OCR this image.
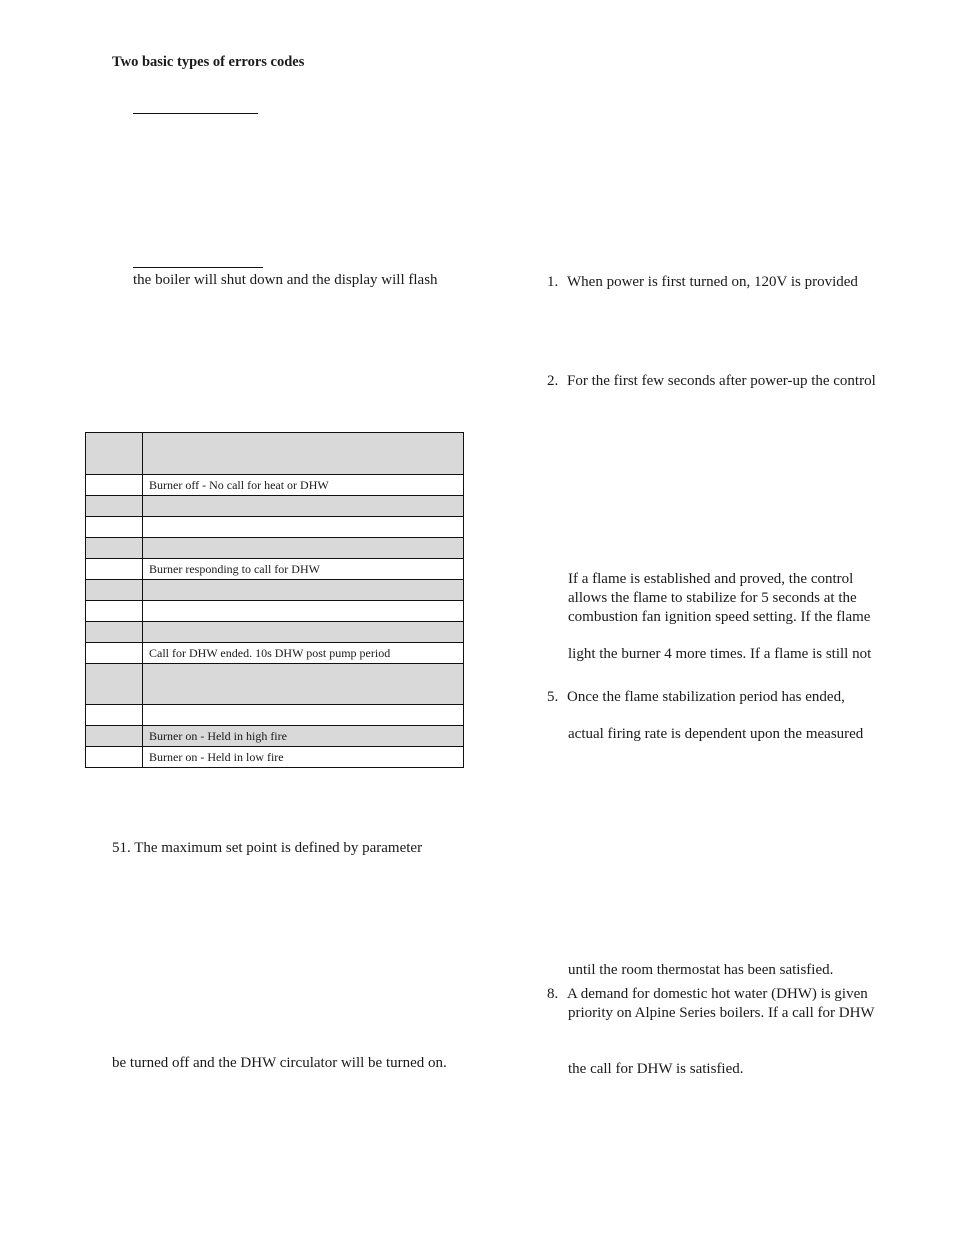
Two basic types of errors codes
the boiler will shut down and the display will flash
Burner off - No call for heat or DHW
Burner responding to call for DHW
Call for DHW ended. 10s DHW post pump period
Burner on - Held in high fire
Burner on - Held in low fire
51. The maximum set point is defined by parameter
be turned off and the DHW circulator will be turned on.
1. When power is first turned on, 120V is provided
2. For the first few seconds after power-up the control
If a flame is established and proved, the control
allows the flame to stabilize for 5 seconds at the
combustion fan ignition speed setting. If the flame
light the burner 4 more times. If a flame is still not
5. Once the flame stabilization period has ended,
actual firing rate is dependent upon the measured
until the room thermostat has been satisfied.
8. A demand for domestic hot water (DHW) is given
priority on Alpine Series boilers. If a call for DHW
the call for DHW is satisfied.
